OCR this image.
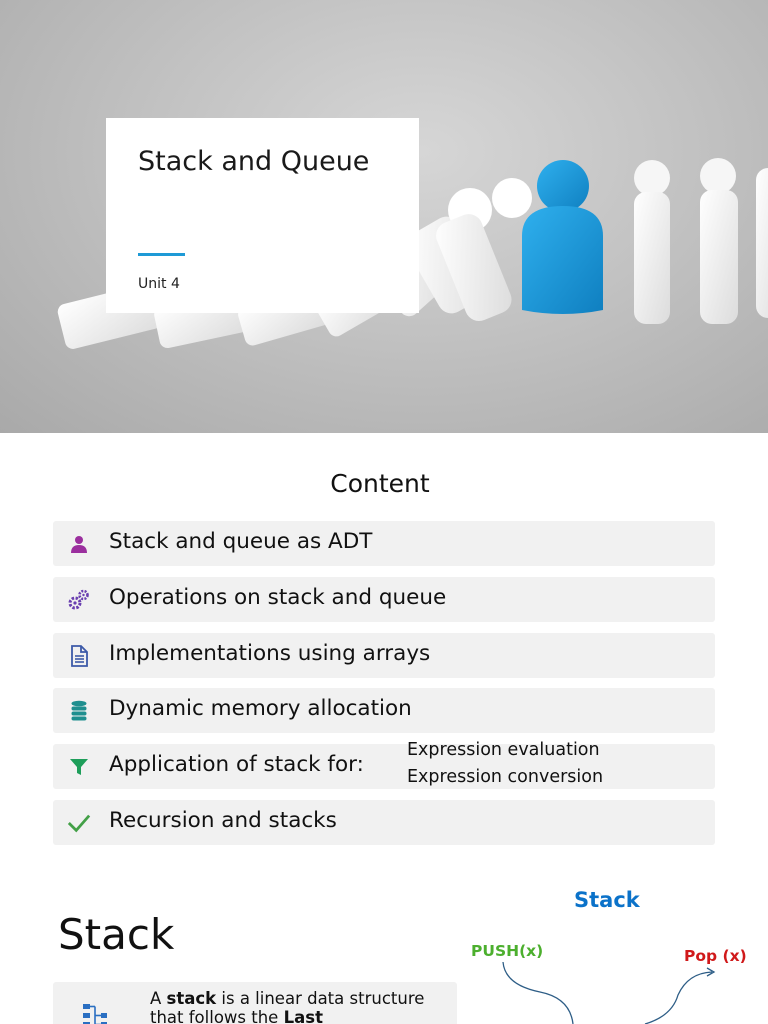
Stack and Queue
Unit 4
Content
Stack and queue as ADT
Operations on stack and queue
Implementations using arrays
Dynamic memory allocation
Application of stack for:
Expression evaluation
Expression conversion
Recursion and stacks
Stack
Stack
PUSH(x)	Pop (x)
A stack is a linear data structure that follows the Last
